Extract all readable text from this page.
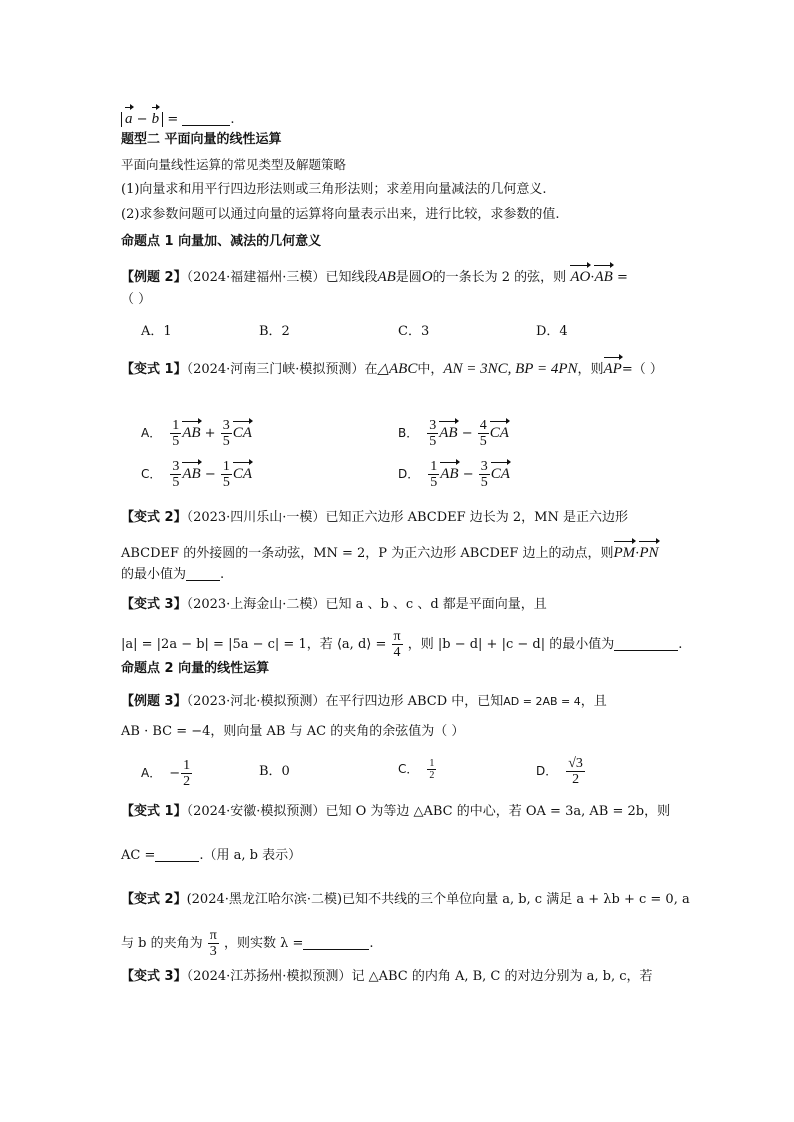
a − b =	.
题型二 平面向量的线性运算
平面向量线性运算的常见类型及解题策略
(1)向量求和用平行四边形法则或三角形法则；求差用向量减法的几何意义.
(2)求参数问题可以通过向量的运算将向量表示出来，进行比较，求参数的值.
命题点 1 向量加、减法的几何意义
【例题 2】（2024·福建福州·三模）已知线段AB是圆O的一条长为 2 的弦，则 AO·AB =
（ ）
A．1	B．2	C．3	D．4
【变式 1】（2024·河南三门峡·模拟预测）在△ABC中，AN = 3NC, BP = 4PN，则AP=（ ）
A． $\frac{1}{5}$ AB + $\frac{3}{5}$ CA	B． $\frac{3}{5}$ AB − $\frac{4}{5}$ CA
C． $\frac{3}{5}$ AB − $\frac{1}{5}$ CA	D． $\frac{1}{5}$ AB − $\frac{3}{5}$ CA
【变式 2】（2023·四川乐山·一模）已知正六边形 ABCDEF 边长为 2，MN 是正六边形
ABCDEF 的外接圆的一条动弦，MN = 2，P 为正六边形 ABCDEF 边上的动点，则PM·PN
的最小值为	.
【变式 3】（2023·上海金山·二模）已知 a 、b 、c 、d 都是平面向量，且
|a| = |2a − b| = |5a − c| = 1，若 ⟨a, d⟩ = $\frac{\pi}{4}$ ，则 |b − d| + |c − d| 的最小值为	.
命题点 2 向量的线性运算
【例题 3】（2023·河北·模拟预测）在平行四边形 ABCD 中，已知AD = 2AB = 4，且
AB · BC = −4，则向量 AB 与 AC 的夹角的余弦值为（ ）
A． − $\frac{1}{2}$	B．0	C． $\frac{1}{2}$	D． $\frac{√3}{2}$
【变式 1】（2024·安徽·模拟预测）已知 O 为等边 △ABC 的中心，若 OA = 3a, AB = 2b，则
AC =	.（用 a, b 表示）
【变式 2】(2024·黑龙江哈尔滨·二模)已知不共线的三个单位向量 a, b, c 满足 a + λb + c = 0, a
与 b 的夹角为 $\frac{\pi}{3}$ ，则实数 λ =	.
【变式 3】（2024·江苏扬州·模拟预测）记 △ABC 的内角 A, B, C 的对边分别为 a, b, c，若
